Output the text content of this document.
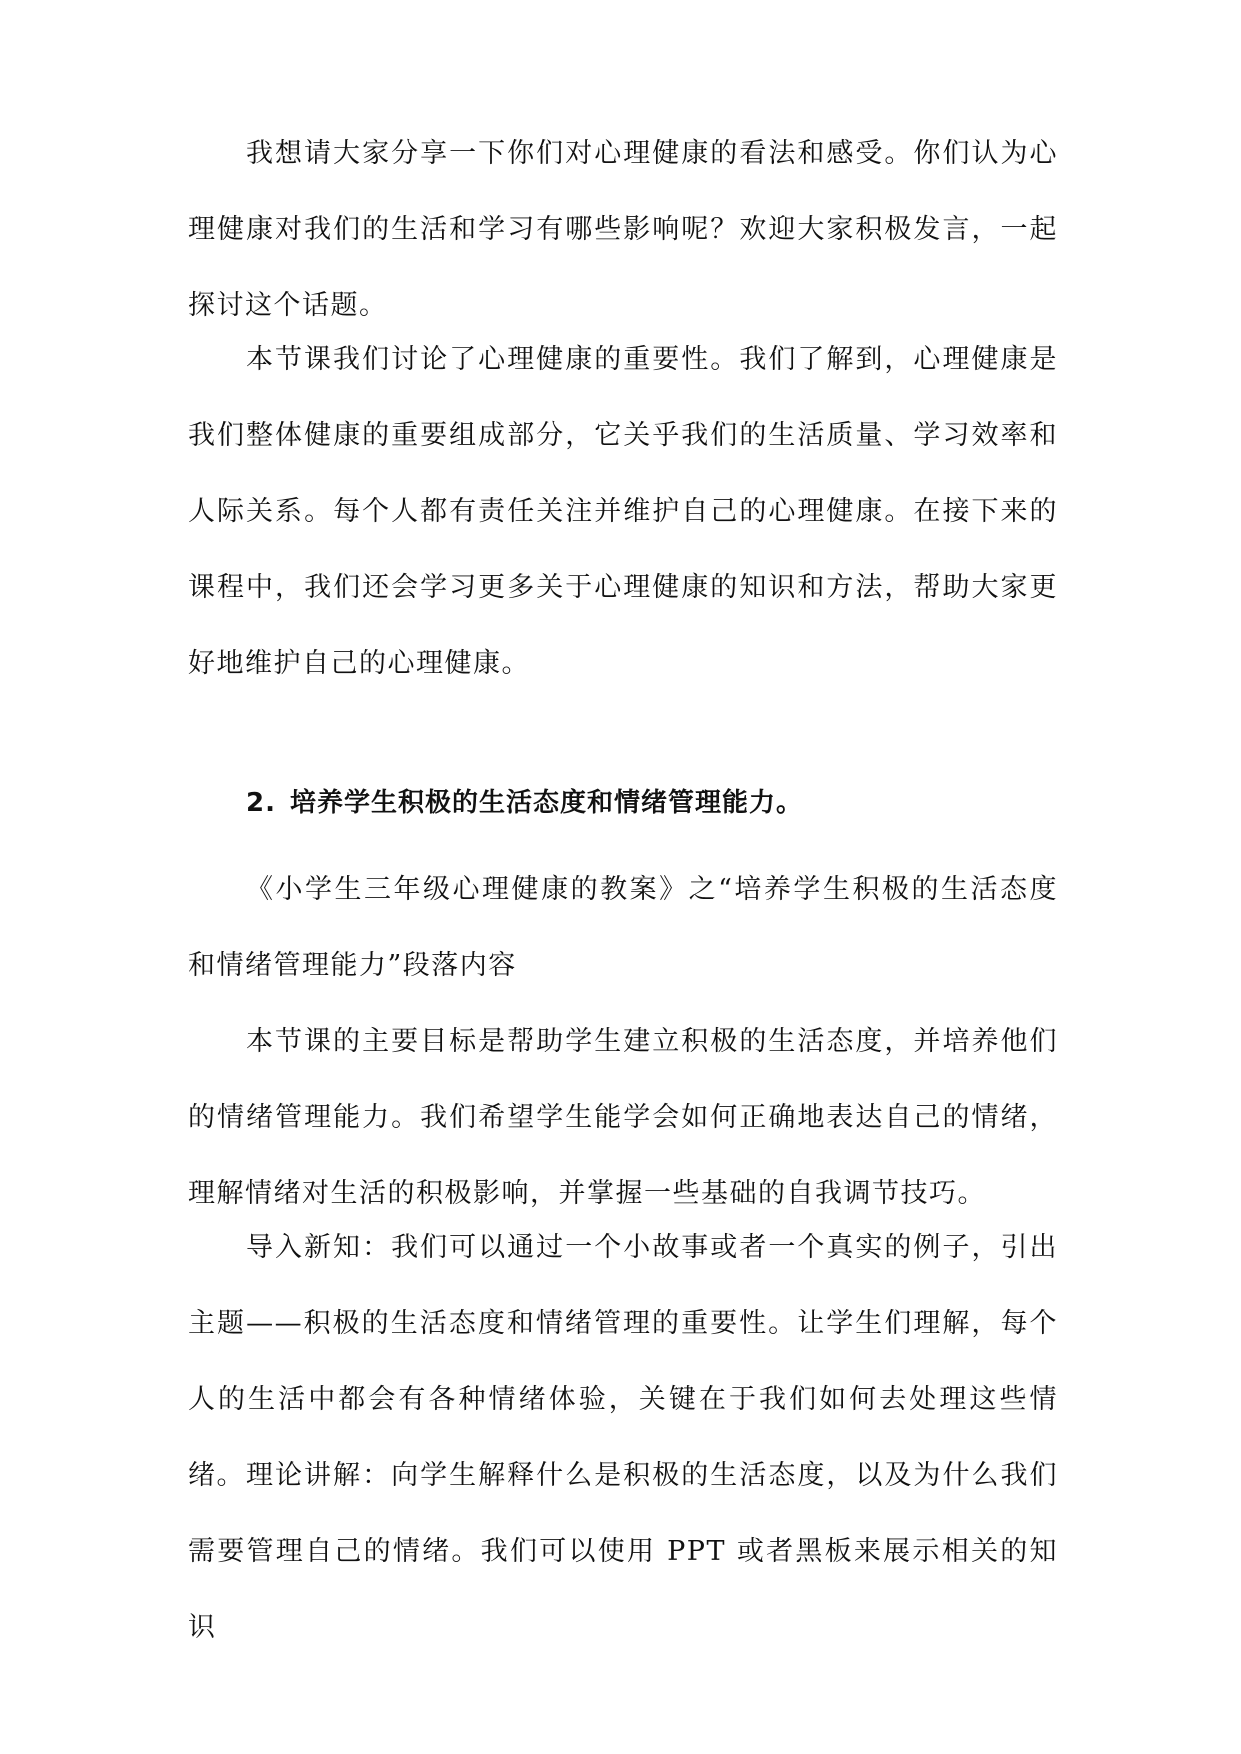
我想请大家分享一下你们对心理健康的看法和感受。你们认为心理健康对我们的生活和学习有哪些影响呢？欢迎大家积极发言，一起探讨这个话题。

本节课我们讨论了心理健康的重要性。我们了解到，心理健康是我们整体健康的重要组成部分，它关乎我们的生活质量、学习效率和人际关系。每个人都有责任关注并维护自己的心理健康。在接下来的课程中，我们还会学习更多关于心理健康的知识和方法，帮助大家更好地维护自己的心理健康。

2. 培养学生积极的生活态度和情绪管理能力。

《小学生三年级心理健康的教案》之“培养学生积极的生活态度和情绪管理能力”段落内容

本节课的主要目标是帮助学生建立积极的生活态度，并培养他们的情绪管理能力。我们希望学生能学会如何正确地表达自己的情绪，理解情绪对生活的积极影响，并掌握一些基础的自我调节技巧。

导入新知：我们可以通过一个小故事或者一个真实的例子，引出主题——积极的生活态度和情绪管理的重要性。让学生们理解，每个人的生活中都会有各种情绪体验，关键在于我们如何去处理这些情绪。 理论讲解：向学生解释什么是积极的生活态度，以及为什么我们需要管理自己的情绪。我们可以使用 PPT 或者黑板来展示相关的知识
